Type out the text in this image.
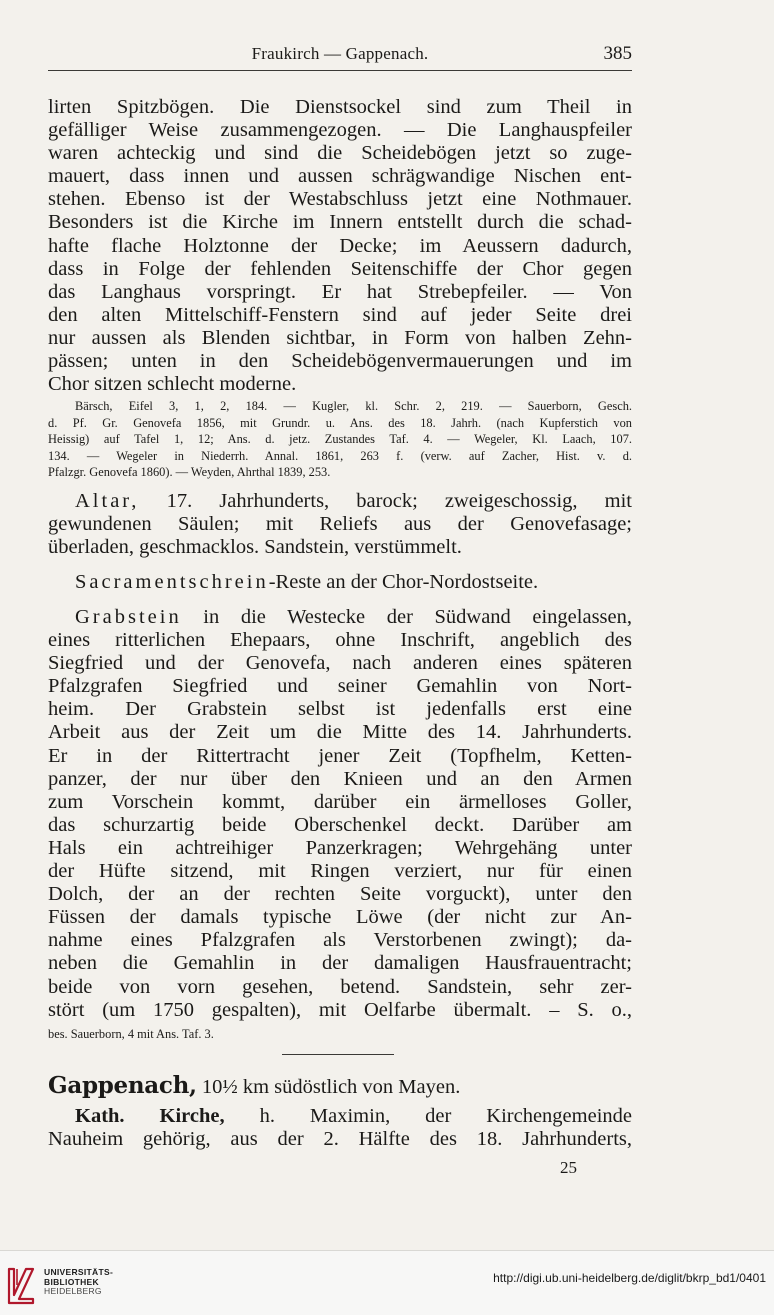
Fraukirch — Gappenach.	385
lirten Spitzbögen. Die Dienstsockel sind zum Theil in
gefälliger Weise zusammengezogen. — Die Langhauspfeiler
waren achteckig und sind die Scheidebögen jetzt so zuge-
mauert, dass innen und aussen schrägwandige Nischen ent-
stehen. Ebenso ist der Westabschluss jetzt eine Nothmauer.
Besonders ist die Kirche im Innern entstellt durch die schad-
hafte flache Holztonne der Decke; im Aeussern dadurch,
dass in Folge der fehlenden Seitenschiffe der Chor gegen
das Langhaus vorspringt. Er hat Strebepfeiler. — Von
den alten Mittelschiff-Fenstern sind auf jeder Seite drei
nur aussen als Blenden sichtbar, in Form von halben Zehn-
pässen; unten in den Scheidebögenvermauerungen und im
Chor sitzen schlecht moderne.
Bärsch, Eifel 3, 1, 2, 184. — Kugler, kl. Schr. 2, 219. — Sauerborn, Gesch.
d. Pf. Gr. Genovefa 1856, mit Grundr. u. Ans. des 18. Jahrh. (nach Kupferstich von
Heissig) auf Tafel 1, 12; Ans. d. jetz. Zustandes Taf. 4. — Wegeler, Kl. Laach, 107.
134. — Wegeler in Niederrh. Annal. 1861, 263 f. (verw. auf Zacher, Hist. v. d.
Pfalzgr. Genovefa 1860). — Weyden, Ahrthal 1839, 253.
Altar, 17. Jahrhunderts, barock; zweigeschossig, mit
gewundenen Säulen; mit Reliefs aus der Genovefasage;
überladen, geschmacklos. Sandstein, verstümmelt.
Sacramentschrein-Reste an der Chor-Nordostseite.
Grabstein in die Westecke der Südwand eingelassen,
eines ritterlichen Ehepaars, ohne Inschrift, angeblich des
Siegfried und der Genovefa, nach anderen eines späteren
Pfalzgrafen Siegfried und seiner Gemahlin von Nort-
heim. Der Grabstein selbst ist jedenfalls erst eine
Arbeit aus der Zeit um die Mitte des 14. Jahrhunderts.
Er in der Rittertracht jener Zeit (Topfhelm, Ketten-
panzer, der nur über den Knieen und an den Armen
zum Vorschein kommt, darüber ein ärmelloses Goller,
das schurzartig beide Oberschenkel deckt. Darüber am
Hals ein achtreihiger Panzerkragen; Wehrgehäng unter
der Hüfte sitzend, mit Ringen verziert, nur für einen
Dolch, der an der rechten Seite vorguckt), unter den
Füssen der damals typische Löwe (der nicht zur An-
nahme eines Pfalzgrafen als Verstorbenen zwingt); da-
neben die Gemahlin in der damaligen Hausfrauentracht;
beide von vorn gesehen, betend. Sandstein, sehr zer-
stört (um 1750 gespalten), mit Oelfarbe übermalt. – S. o.,
bes. Sauerborn, 4 mit Ans. Taf. 3.
Gappenach, 10½ km südöstlich von Mayen.
Kath. Kirche, h. Maximin, der Kirchengemeinde
Nauheim gehörig, aus der 2. Hälfte des 18. Jahrhunderts,
25
UNIVERSITÄTS-
BIBLIOTHEK
HEIDELBERG
http://digi.ub.uni-heidelberg.de/diglit/bkrp_bd1/0401
